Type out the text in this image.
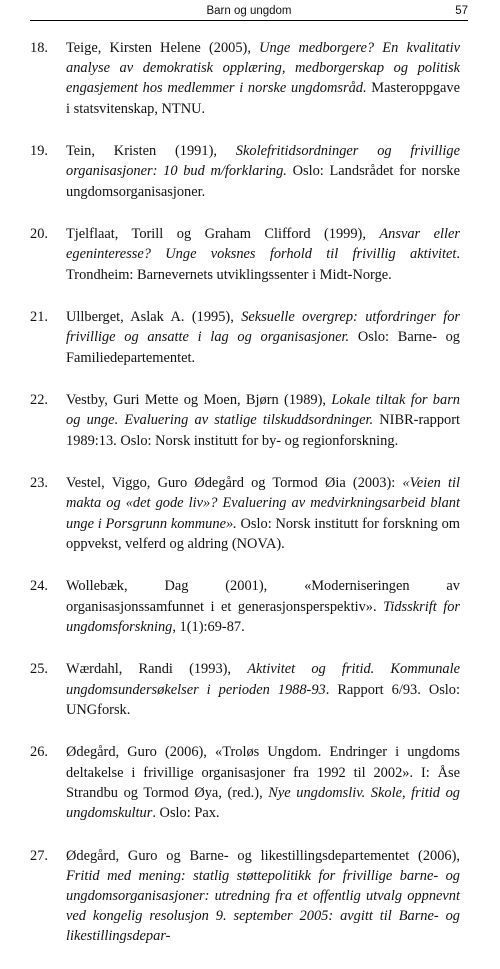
Barn og ungdom	57
18. Teige, Kirsten Helene (2005), Unge medborgere? En kvalitativ analyse av demokratisk opplæring, medborgerskap og politisk engasjement hos medlemmer i norske ungdomsråd. Masteroppgave i statsvitenskap, NTNU.
19. Tein, Kristen (1991), Skolefritidsordninger og frivillige organisasjoner: 10 bud m/forklaring. Oslo: Landsrådet for norske ungdomsorganisasjoner.
20. Tjelflaat, Torill og Graham Clifford (1999), Ansvar eller egeninteresse? Unge voksnes forhold til frivillig aktivitet. Trondheim: Barnevernets utviklingssenter i Midt-Norge.
21. Ullberget, Aslak A. (1995), Seksuelle overgrep: utfordringer for frivillige og ansatte i lag og organisasjoner. Oslo: Barne- og Familiedepartementet.
22. Vestby, Guri Mette og Moen, Bjørn (1989), Lokale tiltak for barn og unge. Evaluering av statlige tilskuddsordninger. NIBR-rapport 1989:13. Oslo: Norsk institutt for by- og regionforskning.
23. Vestel, Viggo, Guro Ødegård og Tormod Øia (2003): «Veien til makta og «det gode liv»? Evaluering av medvirkningsarbeid blant unge i Porsgrunn kommune». Oslo: Norsk institutt for forskning om oppvekst, velferd og aldring (NOVA).
24. Wollebæk, Dag (2001), «Moderniseringen av organisasjonssamfunnet i et generasjonsperspektiv». Tidsskrift for ungdomsforskning, 1(1):69-87.
25. Wærdahl, Randi (1993), Aktivitet og fritid. Kommunale ungdomsundersøkelser i perioden 1988-93. Rapport 6/93. Oslo: UNGforsk.
26. Ødegård, Guro (2006), «Troløs Ungdom. Endringer i ungdoms deltakelse i frivillige organisasjoner fra 1992 til 2002». I: Åse Strandbu og Tormod Øya, (red.), Nye ungdomsliv. Skole, fritid og ungdomskultur. Oslo: Pax.
27. Ødegård, Guro og Barne- og likestillingsdepartementet (2006), Fritid med mening: statlig støttepolitikk for frivillige barne- og ungdomsorganisasjoner: utredning fra et offentlig utvalg oppnevnt ved kongelig resolusjon 9. september 2005: avgitt til Barne- og likestillingsdepar-
